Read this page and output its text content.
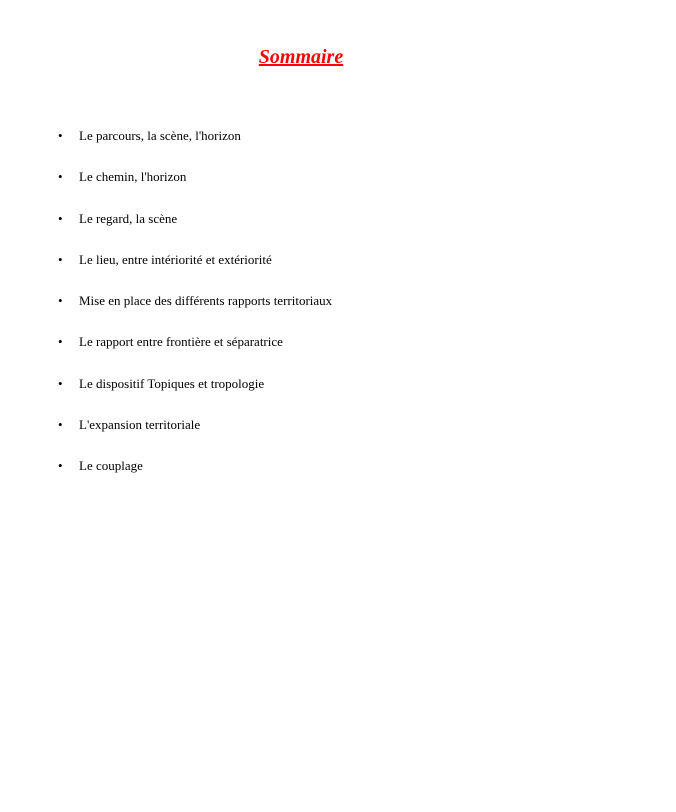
Sommaire
•	Le parcours, la scène, l'horizon
•	Le chemin, l'horizon
•	Le regard, la scène
•	Le lieu, entre intériorité et extériorité
•	Mise en place des différents rapports territoriaux
•	Le rapport entre frontière et séparatrice
•	Le dispositif Topiques et tropologie
•	L'expansion territoriale
•	Le couplage
